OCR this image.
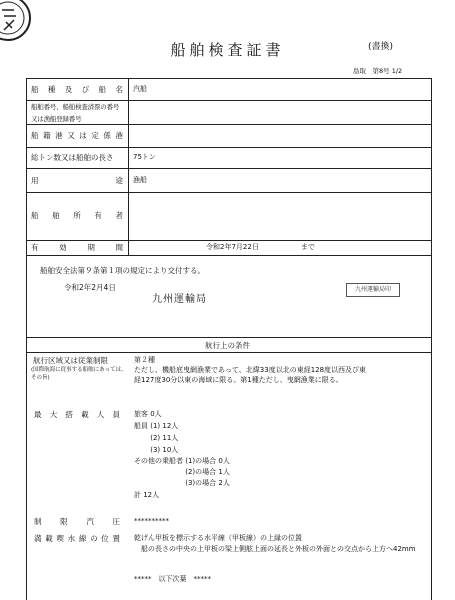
船舶検査証書	(書換)
島取　第8号 1/2
船種及び船名
船舶番号、船舶検査済票の番号又は漁船登録番号
船籍港又は定係港
総トン数又は船舶の長さ
用途
船舶所有者
有効期間
汽船
75トン
漁船
令和2年7月22日　　　　　　まで
船舶安全法第９条第１項の規定により交付する。
令和2年2月4日
九州運輸局
九州運輸局印
航行上の条件
航行区域又は従業制限
(国際航海に従事する船舶にあっては、その旨)
第２種
ただし、機船底曳網漁業であって、北緯33度以北の東経128度以西及び東
経127度30分以東の海域に限る。第1種ただし、曳網漁業に限る。
最大搭載人員 旅客 0人
船員 (1) 12人
　　 (2) 11人
　　 (3) 10人
その他の乗船者 (1)の場合 0人
　　　　　　　 (2)の場合 1人
　　　　　　　 (3)の場合 2人
計 12人
制限汽圧 **********
満載喫水線の位置 乾げん甲板を標示する水平線（甲板線）の上縁の位置
　船の長さの中央の上甲板の梁上側舷上面の延長と外板の外面との交点から上方へ42mm
*****　以下次葉　*****
